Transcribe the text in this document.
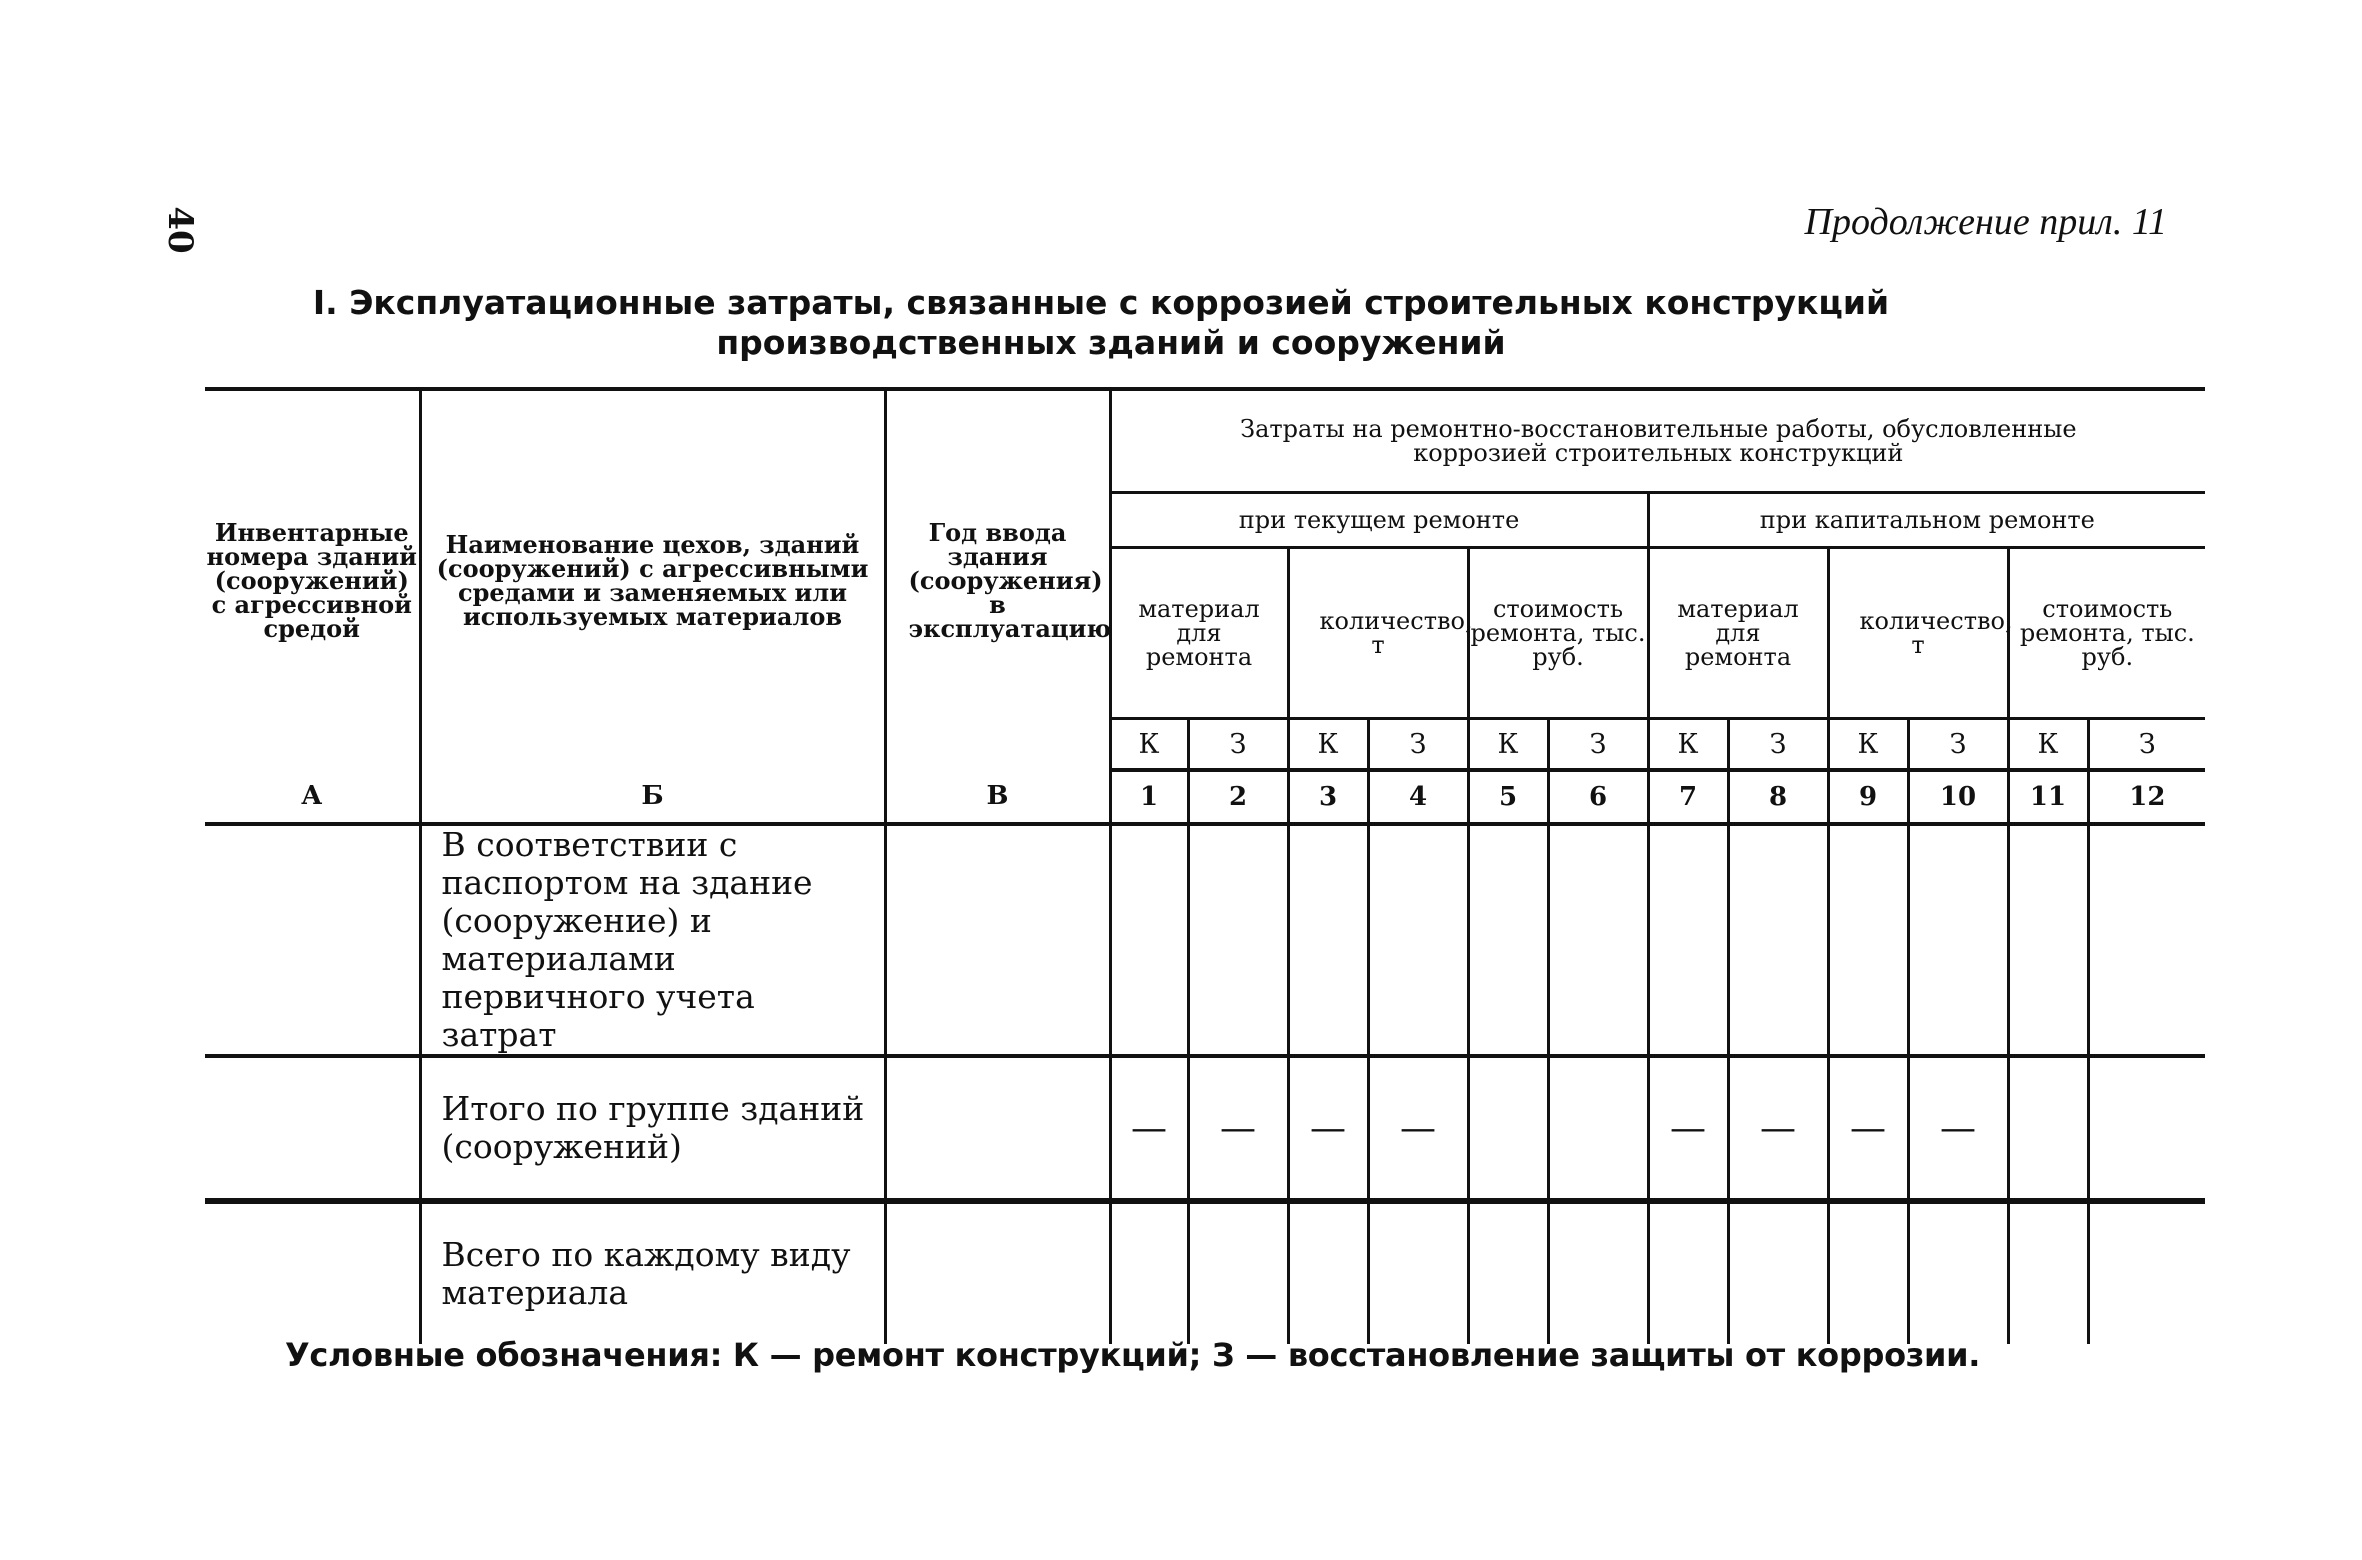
40	Продолжение прил. 11
I. Эксплуатационные затраты, связанные с коррозией строительных конструкций
производственных зданий и сооружений
Инвентарные номера зданий (сооружений) с агрессивной средой	Наименование цехов, зданий (сооружений) с агрессивными средами и заменяемых или используемых материалов	Год ввода здания (сооружения) в эксплуатацию	Затраты на ремонтно-восстановительные работы, обусловленные коррозией строительных конструкций											
			при текущем ремонте						при капитальном ремонте					
			материал для ремонта		количество, т		стоимость ремонта, тыс. руб.		материал для ремонта		количество, т		стоимость ремонта, тыс. руб.	
			К	З	К	З	К	З	К	З	К	З	К	З
А	Б	В	1	2	3	4	5	6	7	8	9	10	11	12
	В соответствии с паспортом на здание (сооружение) и материалами первичного учета затрат													
	Итого по группе зданий (сооружений)		—	—	—	—			—	—	—	—		
	Всего по каждому виду материала													
Условные обозначения: К — ремонт конструкций; З — восстановление защиты от коррозии.
